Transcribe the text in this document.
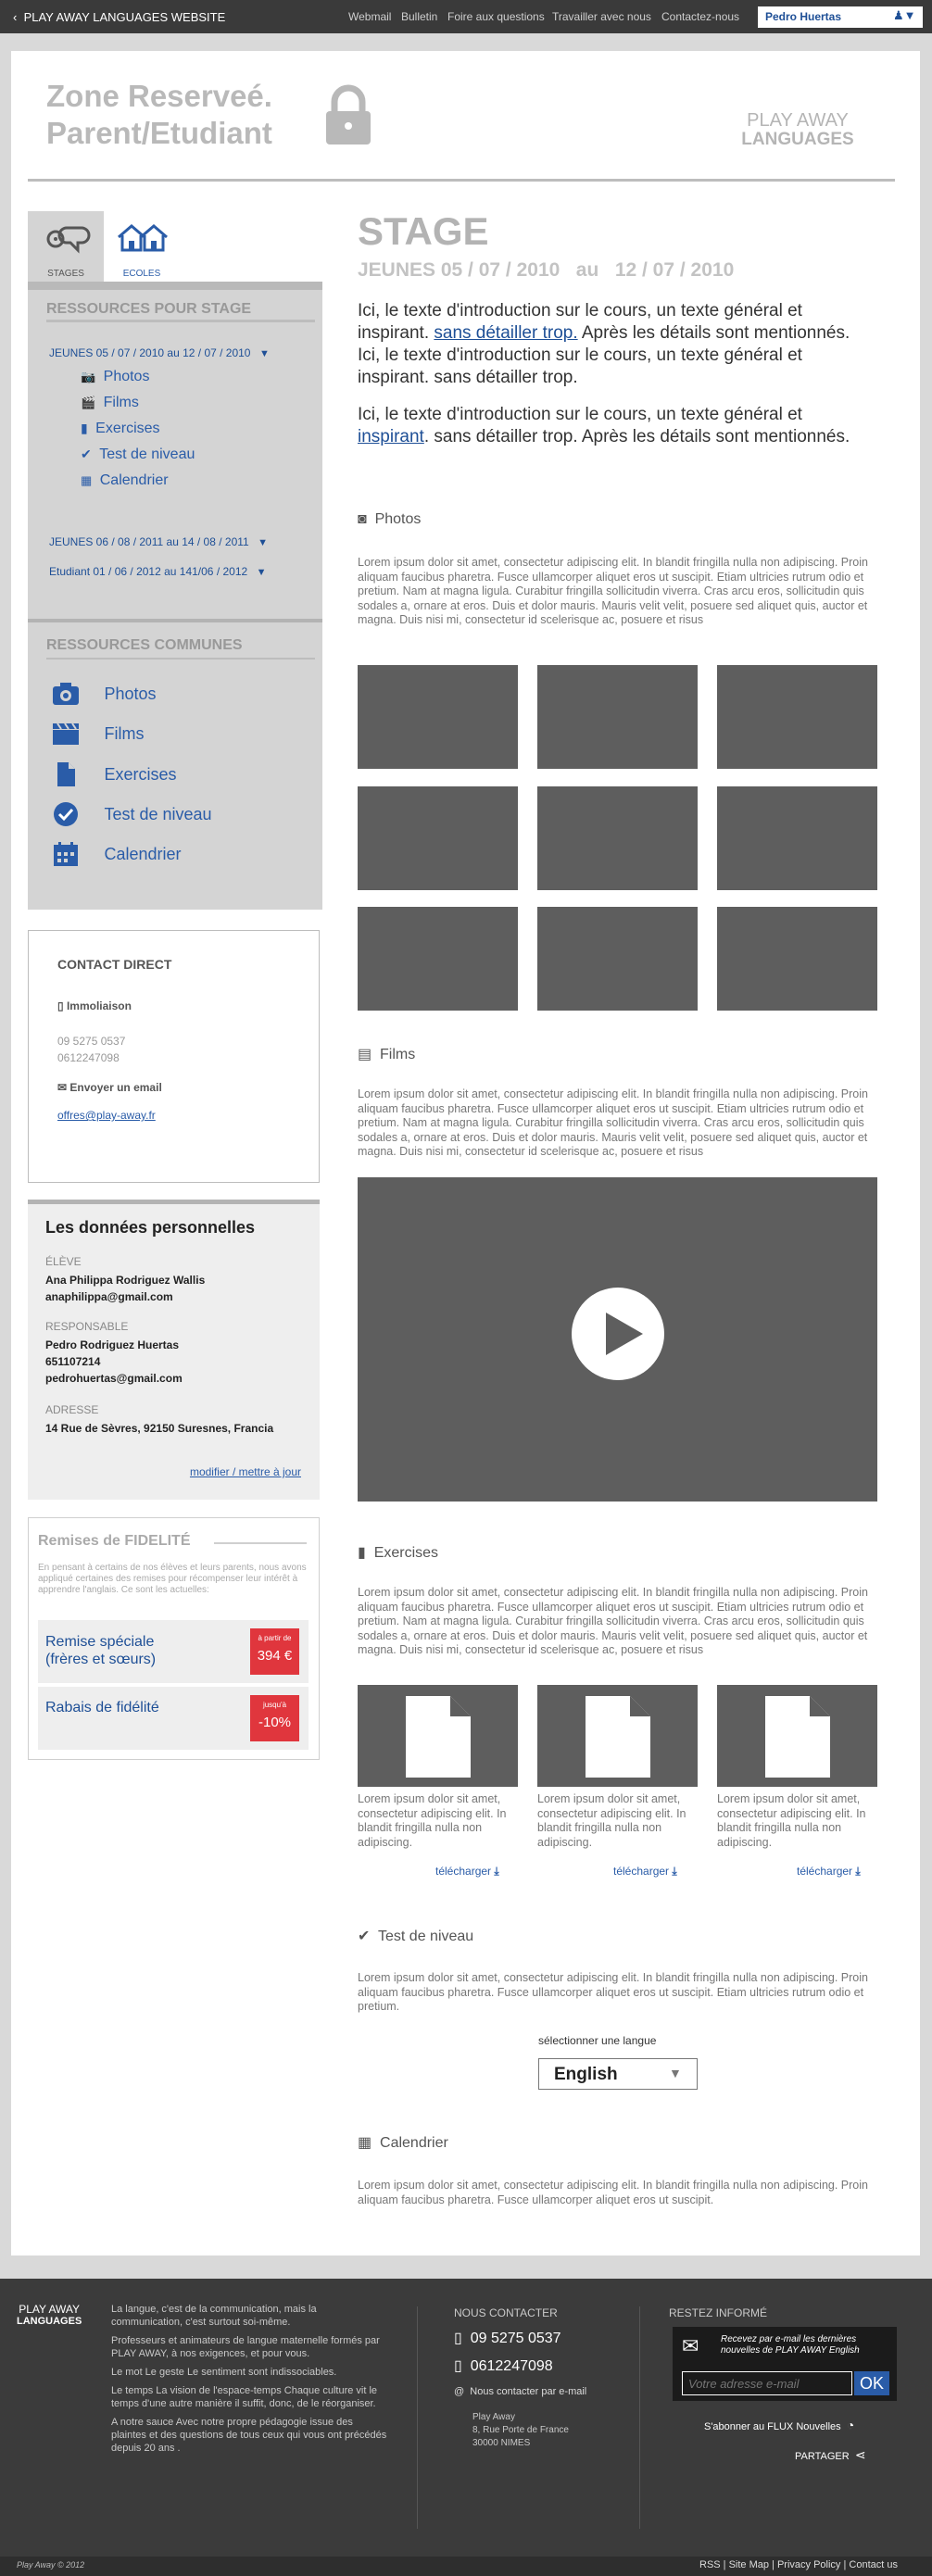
‹  PLAY AWAY LANGUAGES WEBSITE	Webmail Bulletin Foire aux questions Travailler avec nous Contactez-nous Pedro Huertas	♟▼
Zone Reserveé.
Parent/Etudiant	PLAY AWAY
LANGUAGES
STAGES	ECOLES
RESSOURCES POUR STAGE
JEUNES 05 / 07 / 2010 au 12 / 07 / 2010   ▼
📷 Photos
🎬 Films
▮ Exercises
✔ Test de niveau
▦ Calendrier
JEUNES 06 / 08 / 2011 au 14 / 08 / 2011   ▼
Etudiant 01 / 06 / 2012 au 141/06 / 2012   ▼
RESSOURCES COMMUNES
Photos
Films
Exercises
Test de niveau
Calendrier
CONTACT DIRECT
▯ Immoliaison
09 5275 0537
0612247098
✉ Envoyer un email
offres@play-away.fr
Les données personnelles
ÉLÈVE
Ana Philippa Rodriguez Wallis
anaphilippa@gmail.com
RESPONSABLE
Pedro Rodriguez Huertas
651107214
pedrohuertas@gmail.com
ADRESSE
14 Rue de Sèvres, 92150 Suresnes, Francia
modifier / mettre à jour
Remises de FIDELITÉ
En pensant à certains de nos élèves et leurs parents, nous avons appliqué certaines des remises pour récompenser leur intérêt à apprendre l'anglais. Ce sont les actuelles:
Remise spéciale
(frères et sœurs)
à partir de
394 €
Rabais de fidélité	jusqu'à
-10%
STAGE
JEUNES 05 / 07 / 2010   au   12 / 07 / 2010
Ici, le texte d'introduction sur le cours, un texte général et inspirant. sans détailler trop. Après les détails sont mentionnés. Ici, le texte d'introduction sur le cours, un texte général et inspirant. sans détailler trop.
Ici, le texte d'introduction sur le cours, un texte général et inspirant. sans détailler trop. Après les détails sont mentionnés.
◙ Photos
Lorem ipsum dolor sit amet, consectetur adipiscing elit. In blandit fringilla nulla non adipiscing. Proin aliquam faucibus pharetra. Fusce ullamcorper aliquet eros ut suscipit. Etiam ultricies rutrum odio et pretium. Nam at magna ligula. Curabitur fringilla sollicitudin viverra. Cras arcu eros, sollicitudin quis sodales a, ornare at eros. Duis et dolor mauris. Mauris velit velit, posuere sed aliquet quis, auctor et magna. Duis nisi mi, consectetur id scelerisque ac, posuere et risus
▤ Films
Lorem ipsum dolor sit amet, consectetur adipiscing elit. In blandit fringilla nulla non adipiscing. Proin aliquam faucibus pharetra. Fusce ullamcorper aliquet eros ut suscipit. Etiam ultricies rutrum odio et pretium. Nam at magna ligula. Curabitur fringilla sollicitudin viverra. Cras arcu eros, sollicitudin quis sodales a, ornare at eros. Duis et dolor mauris. Mauris velit velit, posuere sed aliquet quis, auctor et magna. Duis nisi mi, consectetur id scelerisque ac, posuere et risus
▮ Exercises
Lorem ipsum dolor sit amet, consectetur adipiscing elit. In blandit fringilla nulla non adipiscing. Proin aliquam faucibus pharetra. Fusce ullamcorper aliquet eros ut suscipit. Etiam ultricies rutrum odio et pretium. Nam at magna ligula. Curabitur fringilla sollicitudin viverra. Cras arcu eros, sollicitudin quis sodales a, ornare at eros. Duis et dolor mauris. Mauris velit velit, posuere sed aliquet quis, auctor et magna. Duis nisi mi, consectetur id scelerisque ac, posuere et risus
Lorem ipsum dolor sit amet, consectetur adipiscing elit. In blandit fringilla nulla non adipiscing.
Lorem ipsum dolor sit amet, consectetur adipiscing elit. In blandit fringilla nulla non adipiscing.
Lorem ipsum dolor sit amet, consectetur adipiscing elit. In blandit fringilla nulla non adipiscing.
télécharger ⤓	télécharger ⤓	télécharger ⤓
✔ Test de niveau
Lorem ipsum dolor sit amet, consectetur adipiscing elit. In blandit fringilla nulla non adipiscing. Proin aliquam faucibus pharetra. Fusce ullamcorper aliquet eros ut suscipit. Etiam ultricies rutrum odio et pretium.
sélectionner une langue
English	▼
▦ Calendrier
Lorem ipsum dolor sit amet, consectetur adipiscing elit. In blandit fringilla nulla non adipiscing. Proin aliquam faucibus pharetra. Fusce ullamcorper aliquet eros ut suscipit.
PLAY AWAY
LANGUAGES
La langue, c'est de la communication, mais la communication, c'est surtout soi-même.
Professeurs et animateurs de langue maternelle formés par PLAY AWAY, à nos exigences, et pour vous.
Le mot Le geste Le sentiment sont indissociables.
Le temps La vision de l'espace-temps Chaque culture vit le temps d'une autre manière il suffit, donc, de le réorganiser.
A notre sauce Avec notre propre pédagogie issue des plaintes et des questions de tous ceux qui vous ont précédés depuis 20 ans .
NOUS CONTACTER
▯ 09 5275 0537
▯ 0612247098
@ Nous contacter par e-mail
Play Away
8, Rue Porte de France
30000 NIMES
RESTEZ INFORMÉ
✉ Recevez par e-mail les dernières nouvelles de PLAY AWAY English
Votre adresse e-mail
OK
S'abonner au FLUX Nouvelles ◔
PARTAGER ⋖
Play Away © 2012	RSS | Site Map | Privacy Policy | Contact us
